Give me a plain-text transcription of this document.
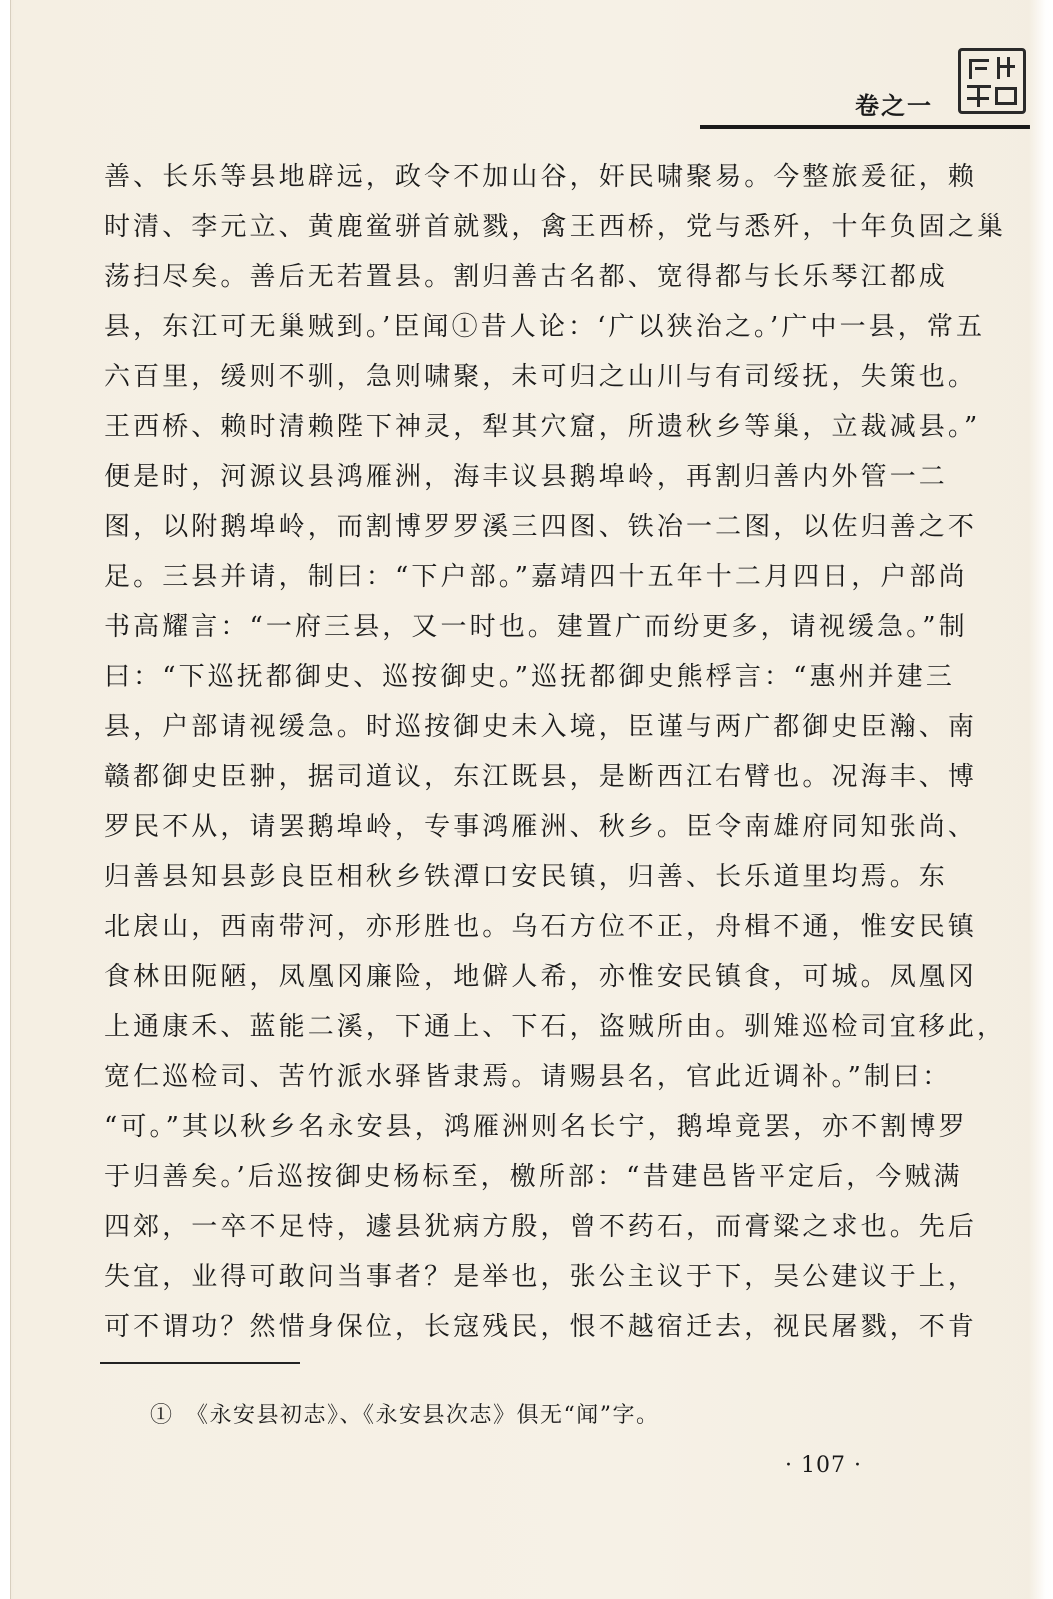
卷之一
善、长乐等县地辟远，政令不加山谷，奸民啸聚易。今整旅爰征，赖
时清、李元立、黄鹿鲎骈首就戮，禽王西桥，党与悉歼，十年负固之巢
荡扫尽矣。善后无若置县。割归善古名都、宽得都与长乐琴江都成
县，东江可无巢贼到。’臣闻①昔人论：‘广以狭治之。’广中一县，常五
六百里，缓则不驯，急则啸聚，未可归之山川与有司绥抚，失策也。
王西桥、赖时清赖陛下神灵，犁其穴窟，所遗秋乡等巢，立裁减县。”
便是时，河源议县鸿雁洲，海丰议县鹅埠岭，再割归善内外管一二
图，以附鹅埠岭，而割博罗罗溪三四图、铁冶一二图，以佐归善之不
足。三县并请，制曰：“下户部。”嘉靖四十五年十二月四日，户部尚
书高耀言：“一府三县，又一时也。建置广而纷更多，请视缓急。”制
曰：“下巡抚都御史、巡按御史。”巡抚都御史熊桴言：“惠州并建三
县，户部请视缓急。时巡按御史未入境，臣谨与两广都御史臣瀚、南
赣都御史臣翀，据司道议，东江既县，是断西江右臂也。况海丰、博
罗民不从，请罢鹅埠岭，专事鸿雁洲、秋乡。臣令南雄府同知张尚、
归善县知县彭良臣相秋乡铁潭口安民镇，归善、长乐道里均焉。东
北扆山，西南带河，亦形胜也。乌石方位不正，舟楫不通，惟安民镇
食林田阨陋，凤凰冈廉险，地僻人希，亦惟安民镇食，可城。凤凰冈
上通康禾、蓝能二溪，下通上、下石，盗贼所由。驯雉巡检司宜移此，
宽仁巡检司、苦竹派水驿皆隶焉。请赐县名，官此近调补。”制曰：
“可。”其以秋乡名永安县，鸿雁洲则名长宁，鹅埠竟罢，亦不割博罗
于归善矣。’后巡按御史杨标至，檄所部：“昔建邑皆平定后，今贼满
四郊，一卒不足恃，遽县犹病方殷，曾不药石，而膏粱之求也。先后
失宜，业得可敢问当事者？是举也，张公主议于下，吴公建议于上，
可不谓功？然惜身保位，长寇残民，恨不越宿迁去，视民屠戮，不肯
①　《永安县初志》、《永安县次志》俱无“闻”字。
· 107 ·
